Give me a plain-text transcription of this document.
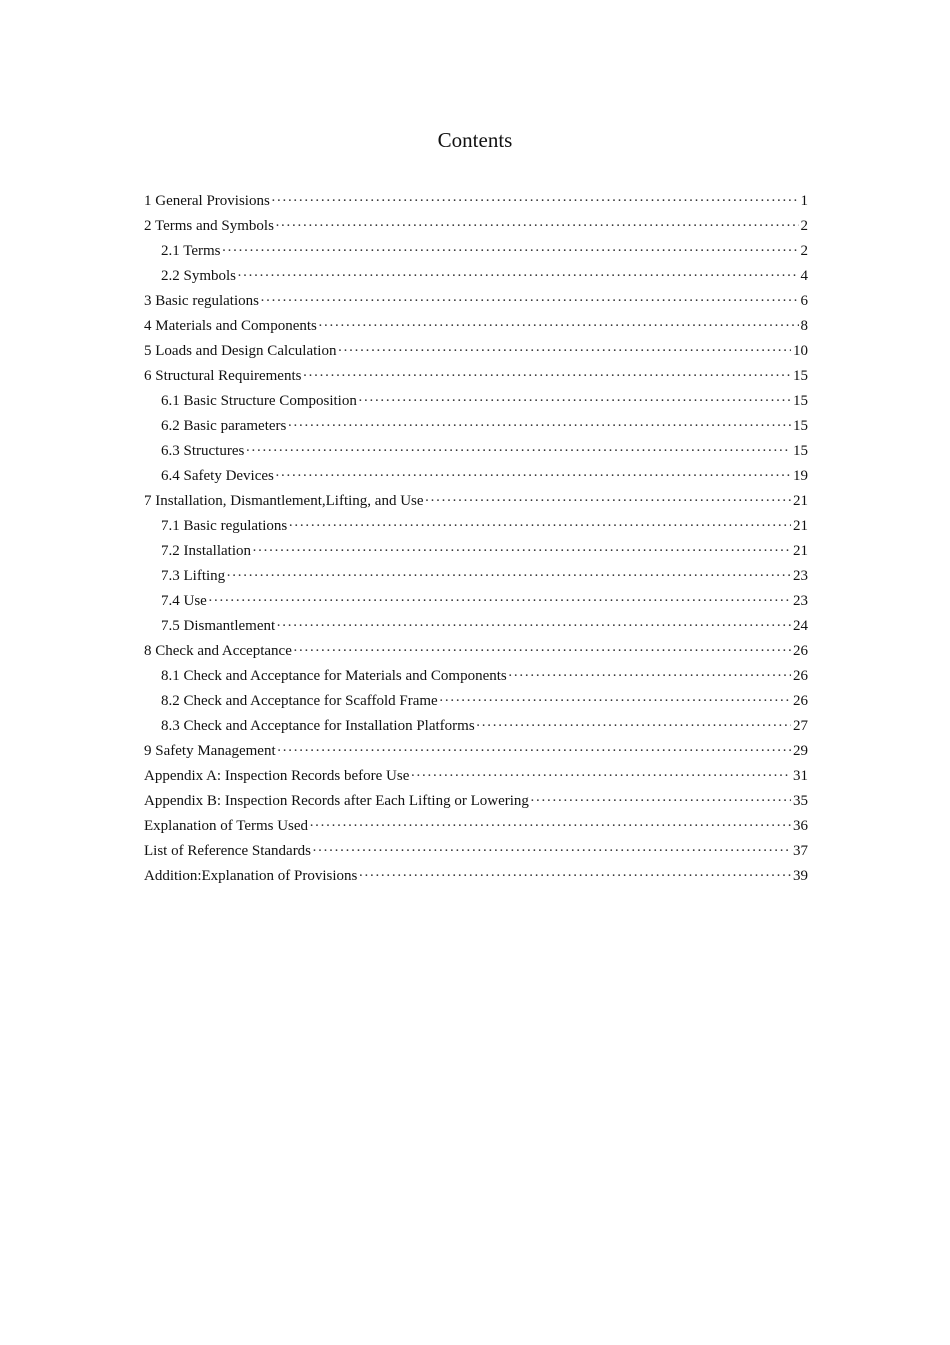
Contents
1 General Provisions ·····	1
2 Terms and Symbols ·····	2
2.1 Terms ·····	2
2.2 Symbols ·····	4
3 Basic regulations ·····	6
4 Materials and Components ·····	8
5 Loads and Design Calculation ·····	10
6 Structural Requirements ·····	15
6.1 Basic Structure Composition ·····	15
6.2 Basic parameters ·····	15
6.3 Structures ·····	15
6.4 Safety Devices ·····	19
7 Installation, Dismantlement,Lifting, and Use ·····	21
7.1 Basic regulations ·····	21
7.2 Installation ·····	21
7.3 Lifting ·····	23
7.4 Use ·····	23
7.5 Dismantlement ·····	24
8 Check and Acceptance ·····	26
8.1 Check and Acceptance for Materials and Components ·····	26
8.2 Check and Acceptance for Scaffold Frame ·····	26
8.3 Check and Acceptance for Installation Platforms ·····	27
9 Safety Management ·····	29
Appendix A: Inspection Records before Use ·····	31
Appendix B: Inspection Records after Each Lifting or Lowering ·····	35
Explanation of Terms Used ·····	36
List of Reference Standards ·····	37
Addition:Explanation of Provisions ·····	39
